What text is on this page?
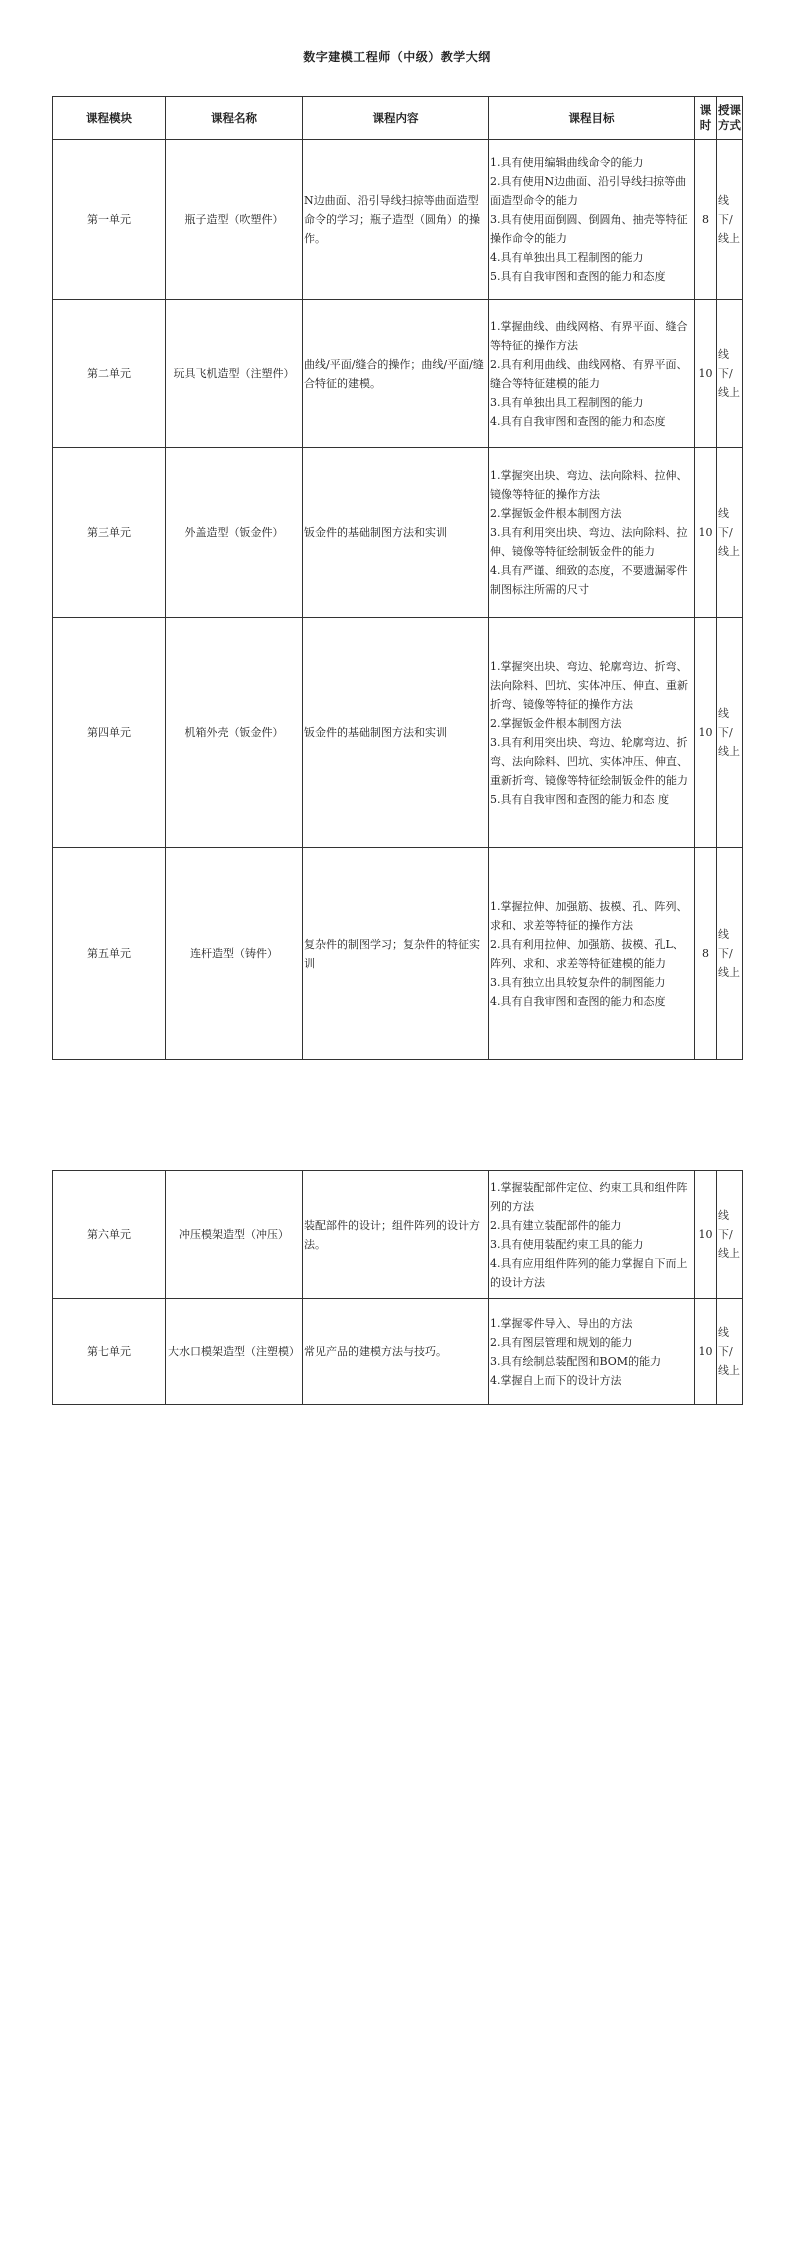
数字建模工程师（中级）教学大纲
课程模块	课程名称	课程内容	课程目标	课时	授课方式
第一单元	瓶子造型（吹塑件）	N边曲面、沿引导线扫掠等曲面造型命令的学习；瓶子造型（圆角）的操作。	1.具有使用编辑曲线命令的能力
2.具有使用N边曲面、沿引导线扫掠等曲面造型命令的能力
3.具有使用面倒圆、倒圆角、抽壳等特征操作命令的能力
4.具有单独出具工程制图的能力
5.具有自我审图和查图的能力和态度	8	线下/线上
第二单元	玩具飞机造型（注塑件）	曲线/平面/缝合的操作；曲线/平面/缝合特征的建模。	1.掌握曲线、曲线网格、有界平面、缝合等特征的操作方法
2.具有利用曲线、曲线网格、有界平面、缝合等特征建模的能力
3.具有单独出具工程制图的能力
4.具有自我审图和查图的能力和态度	10	线下/线上
第三单元	外盖造型（钣金件）	钣金件的基础制图方法和实训	1.掌握突出块、弯边、法向除料、拉伸、镜像等特征的操作方法
2.掌握钣金件根本制图方法
3.具有利用突出块、弯边、法向除料、拉伸、镜像等特征绘制钣金件的能力
4.具有严谨、细致的态度，不要遗漏零件制图标注所需的尺寸	10	线下/线上
第四单元	机箱外壳（钣金件）	钣金件的基础制图方法和实训	1.掌握突出块、弯边、轮廓弯边、折弯、法向除料、凹坑、实体冲压、伸直、重新折弯、镜像等特征的操作方法
2.掌握钣金件根本制图方法
3.具有利用突出块、弯边、轮廓弯边、折弯、法向除料、凹坑、实体冲压、伸直、重新折弯、镜像等特征绘制钣金件的能力
5.具有自我审图和查图的能力和态 度	10	线下/线上
第五单元	连杆造型（铸件）	复杂件的制图学习；复杂件的特征实训	1.掌握拉伸、加强筋、拔模、孔、阵列、求和、求差等特征的操作方法
2.具有利用拉伸、加强筋、拔模、孔L、阵列、求和、求差等特征建模的能力
3.具有独立出具较复杂件的制图能力
4.具有自我审图和查图的能力和态度	8	线下/线上
第六单元	冲压模架造型（冲压）	装配部件的设计；组件阵列的设计方法。	1.掌握装配部件定位、约束工具和组件阵列的方法
2.具有建立装配部件的能力
3.具有使用装配约束工具的能力
4.具有应用组件阵列的能力掌握自下而上的设计方法	10	线下/线上
第七单元	大水口模架造型（注塑模）	常见产品的建模方法与技巧。	1.掌握零件导入、导出的方法
2.具有图层管理和规划的能力
3.具有绘制总装配图和BOM的能力
4.掌握自上而下的设计方法	10	线下/线上
